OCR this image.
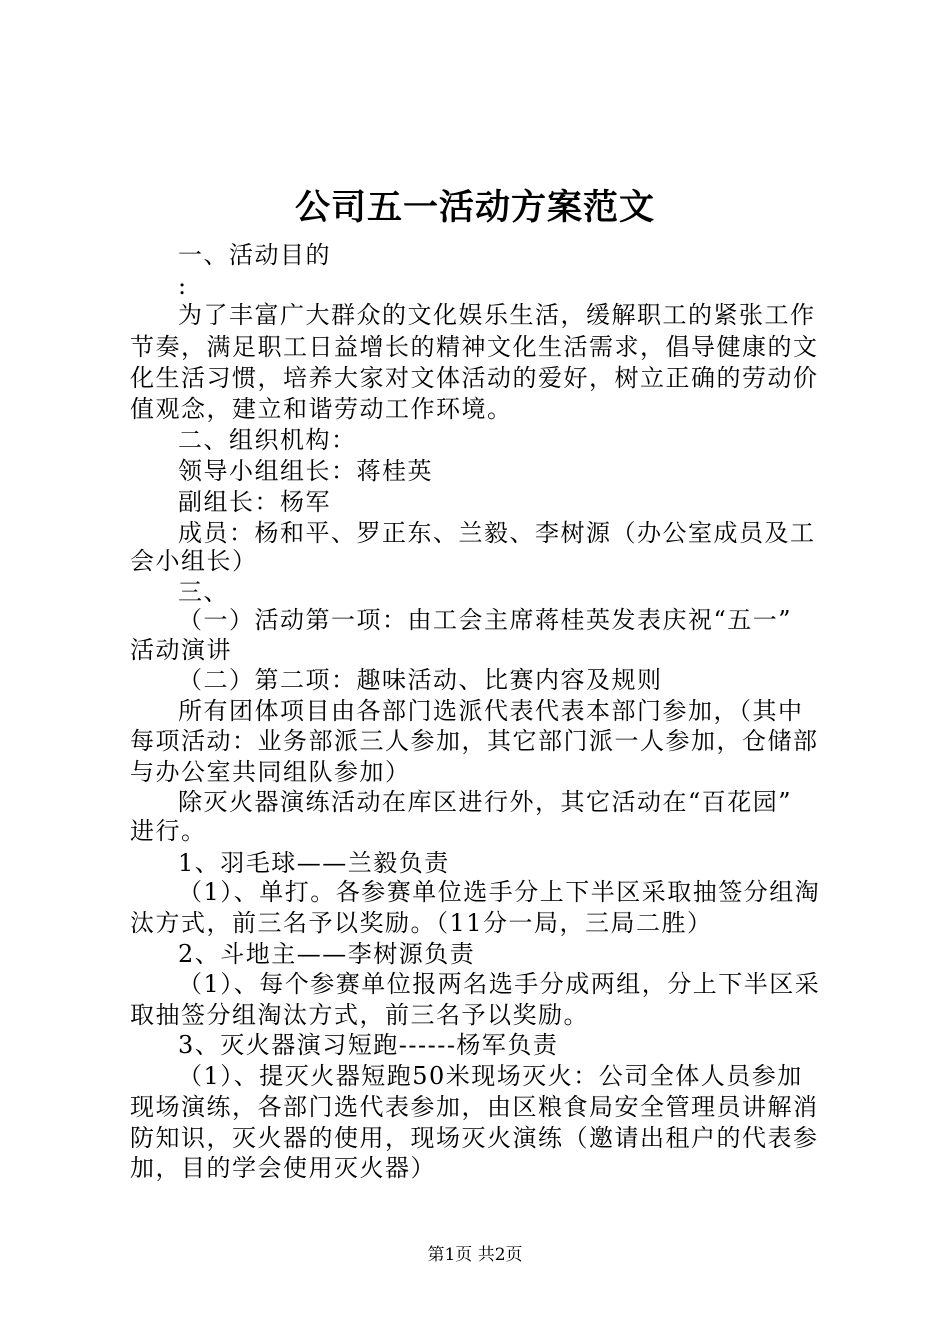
公司五一活动方案范文
一、活动目的
:
为了丰富广大群众的文化娱乐生活，缓解职工的紧张工作
节奏，满足职工日益增长的精神文化生活需求，倡导健康的文
化生活习惯，培养大家对文体活动的爱好，树立正确的劳动价
值观念，建立和谐劳动工作环境。
二、组织机构：
领导小组组长：蒋桂英
副组长：杨军
成员：杨和平、罗正东、兰毅、李树源（办公室成员及工
会小组长）
三、
（一）活动第一项：由工会主席蒋桂英发表庆祝“五一”
活动演讲
（二）第二项：趣味活动、比赛内容及规则
所有团体项目由各部门选派代表代表本部门参加，（其中
每项活动：业务部派三人参加，其它部门派一人参加，仓储部
与办公室共同组队参加）
除灭火器演练活动在库区进行外，其它活动在“百花园”
进行。
1、羽毛球——兰毅负责
（1）、单打。各参赛单位选手分上下半区采取抽签分组淘
汰方式，前三名予以奖励。（11分一局，三局二胜）
2、斗地主——李树源负责
（1）、每个参赛单位报两名选手分成两组，分上下半区采
取抽签分组淘汰方式，前三名予以奖励。
3、灭火器演习短跑------杨军负责
（1）、提灭火器短跑50米现场灭火：公司全体人员参加
现场演练，各部门选代表参加，由区粮食局安全管理员讲解消
防知识，灭火器的使用，现场灭火演练（邀请出租户的代表参
加，目的学会使用灭火器）
第1页 共2页
